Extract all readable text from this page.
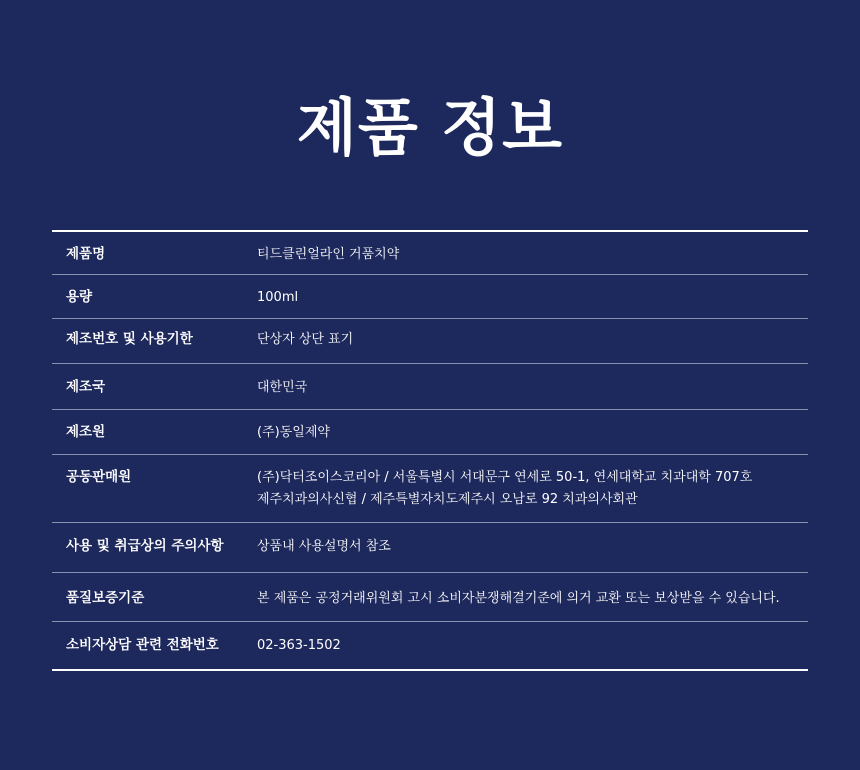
제품 정보
제품명	티드클린얼라인 거품치약
용량	100ml
제조번호 및 사용기한	단상자 상단 표기
제조국	대한민국
제조원	(주)동일제약
공동판매원	(주)닥터조이스코리아 / 서울특별시 서대문구 연세로 50-1, 연세대학교 치과대학 707호
제주치과의사신협 / 제주특별자치도제주시 오남로 92 치과의사회관
사용 및 취급상의 주의사항	상품내 사용설명서 참조
품질보증기준	본 제품은 공정거래위원회 고시 소비자분쟁해결기준에 의거 교환 또는 보상받을 수 있습니다.
소비자상담 관련 전화번호	02-363-1502
